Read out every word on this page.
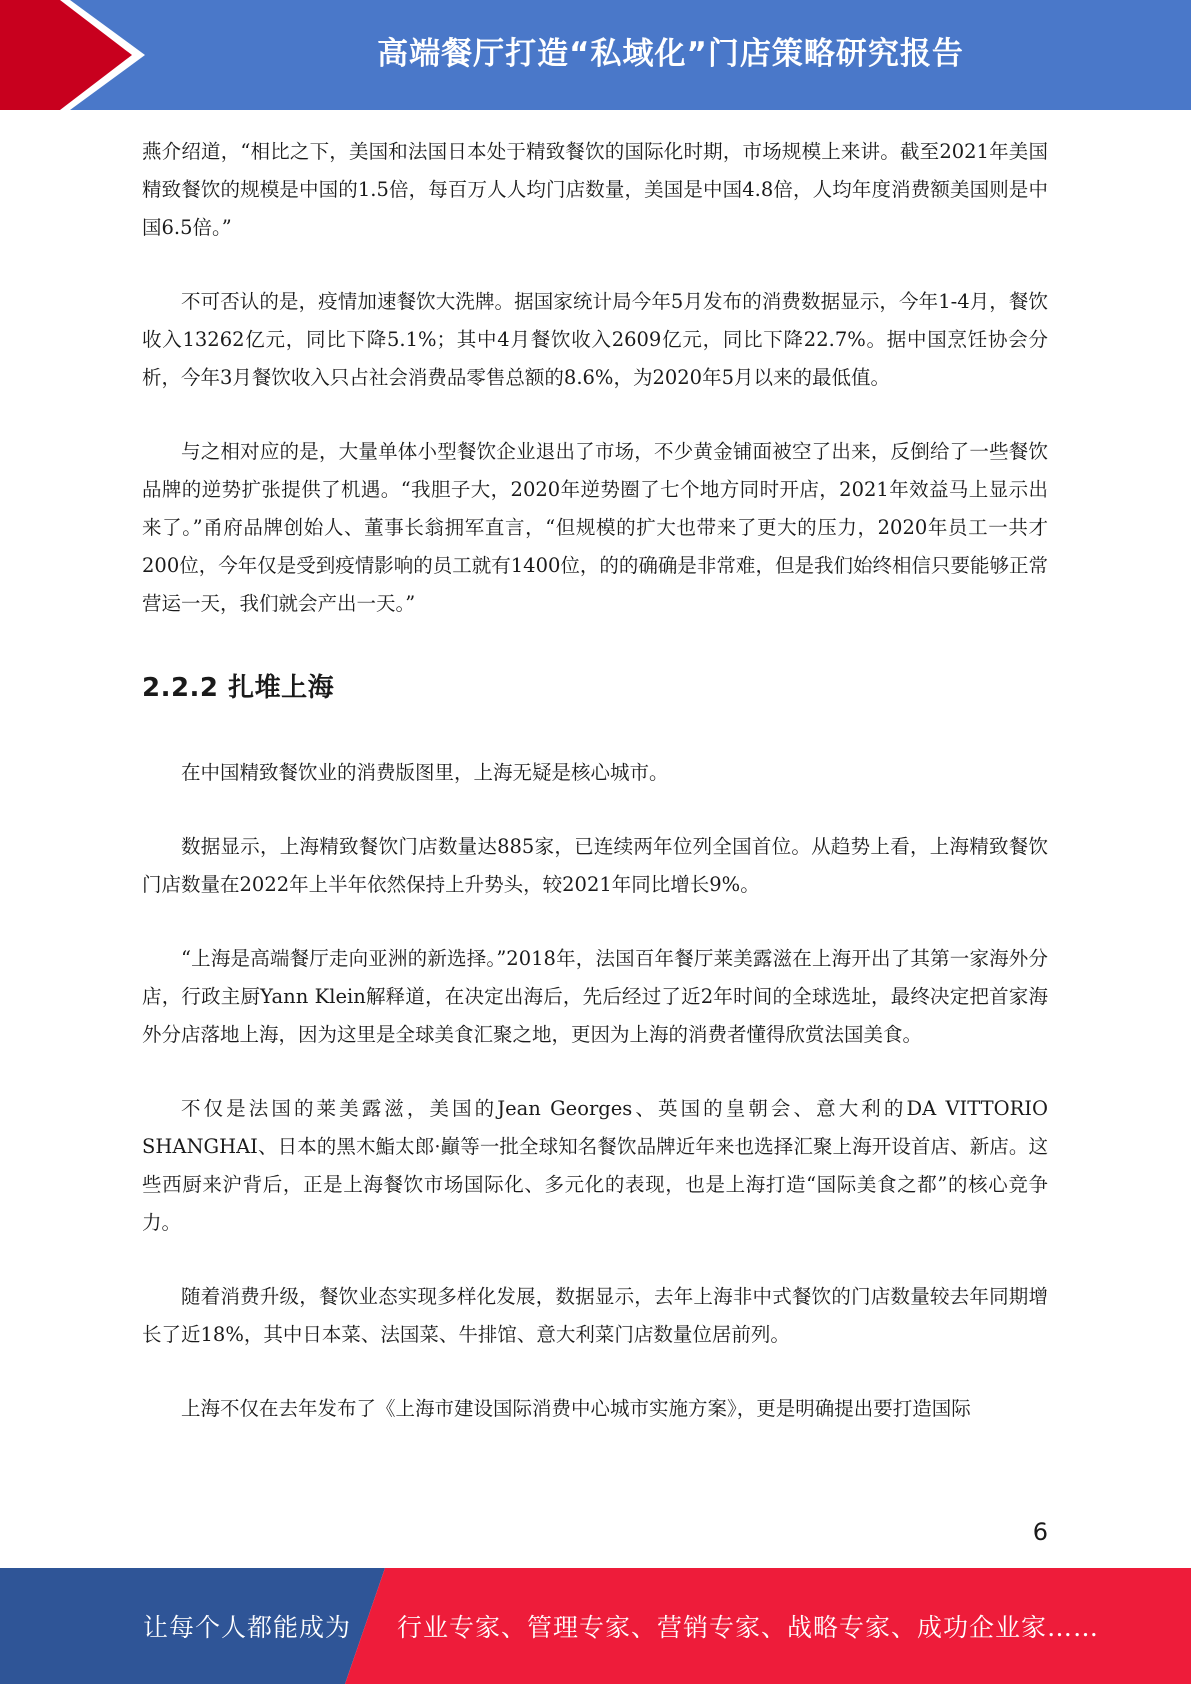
高端餐厅打造“私域化”门店策略研究报告

燕介绍道，“相比之下，美国和法国日本处于精致餐饮的国际化时期，市场规模上来讲。截至2021年美国精致餐饮的规模是中国的1.5倍，每百万人人均门店数量，美国是中国4.8倍，人均年度消费额美国则是中国6.5倍。”

不可否认的是，疫情加速餐饮大洗牌。据国家统计局今年5月发布的消费数据显示，今年1-4月，餐饮收入13262亿元，同比下降5.1%；其中4月餐饮收入2609亿元，同比下降22.7%。据中国烹饪协会分析，今年3月餐饮收入只占社会消费品零售总额的8.6%，为2020年5月以来的最低值。

与之相对应的是，大量单体小型餐饮企业退出了市场，不少黄金铺面被空了出来，反倒给了一些餐饮品牌的逆势扩张提供了机遇。“我胆子大，2020年逆势圈了七个地方同时开店，2021年效益马上显示出来了。”甬府品牌创始人、董事长翁拥军直言，“但规模的扩大也带来了更大的压力，2020年员工一共才200位，今年仅是受到疫情影响的员工就有1400位，的的确确是非常难，但是我们始终相信只要能够正常营运一天，我们就会产出一天。”

2.2.2 扎堆上海

在中国精致餐饮业的消费版图里，上海无疑是核心城市。

数据显示，上海精致餐饮门店数量达885家，已连续两年位列全国首位。从趋势上看，上海精致餐饮门店数量在2022年上半年依然保持上升势头，较2021年同比增长9%。

“上海是高端餐厅走向亚洲的新选择。”2018年，法国百年餐厅莱美露滋在上海开出了其第一家海外分店，行政主厨Yann Klein解释道，在决定出海后，先后经过了近2年时间的全球选址，最终决定把首家海外分店落地上海，因为这里是全球美食汇聚之地，更因为上海的消费者懂得欣赏法国美食。

不仅是法国的莱美露滋，美国的Jean Georges、英国的皇朝会、意大利的DA VITTORIO SHANGHAI、日本的黑木鮨太郎·巓等一批全球知名餐饮品牌近年来也选择汇聚上海开设首店、新店。这些西厨来沪背后，正是上海餐饮市场国际化、多元化的表现，也是上海打造“国际美食之都”的核心竞争力。

随着消费升级，餐饮业态实现多样化发展，数据显示，去年上海非中式餐饮的门店数量较去年同期增长了近18%，其中日本菜、法国菜、牛排馆、意大利菜门店数量位居前列。

上海不仅在去年发布了《上海市建设国际消费中心城市实施方案》，更是明确提出要打造国际

6
让每个人都能成为 行业专家、管理专家、营销专家、战略专家、成功企业家……
